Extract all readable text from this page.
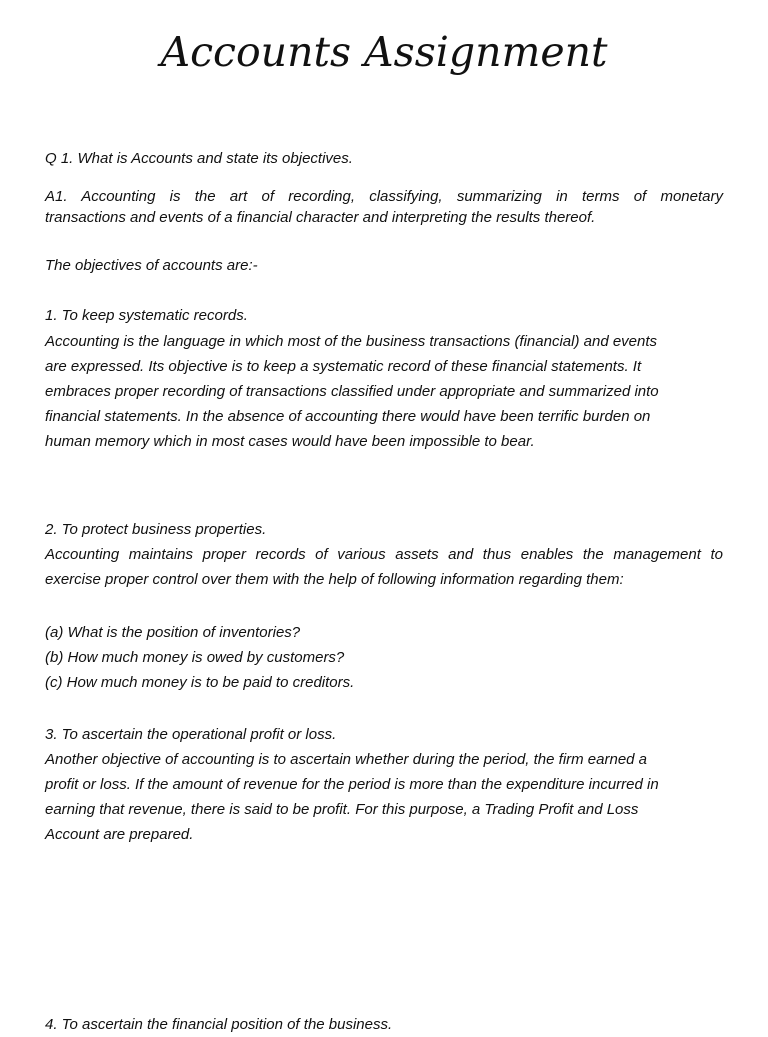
Accounts Assignment

Q 1. What is Accounts and state its objectives.

A1. Accounting is the art of recording, classifying, summarizing in terms of monetary
transactions and events of a financial character and interpreting the results thereof.

The objectives of accounts are:-

1. To keep systematic records.

Accounting is the language in which most of the business transactions (financial) and events
are expressed. Its objective is to keep a systematic record of these financial statements. It
embraces proper recording of transactions classified under appropriate and summarized into
financial statements. In the absence of accounting there would have been terrific burden on
human memory which in most cases would have been impossible to bear.

2. To protect business properties.

Accounting maintains proper records of various assets and thus enables the management to
exercise proper control over them with the help of following information regarding them:
(a) What is the position of inventories?
(b) How much money is owed by customers?
(c) How much money is to be paid to creditors.

3. To ascertain the operational profit or loss.

Another objective of accounting is to ascertain whether during the period, the firm earned a
profit or loss. If the amount of revenue for the period is more than the expenditure incurred in
earning that revenue, there is said to be profit. For this purpose, a Trading Profit and Loss
Account are prepared.

4. To ascertain the financial position of the business.
